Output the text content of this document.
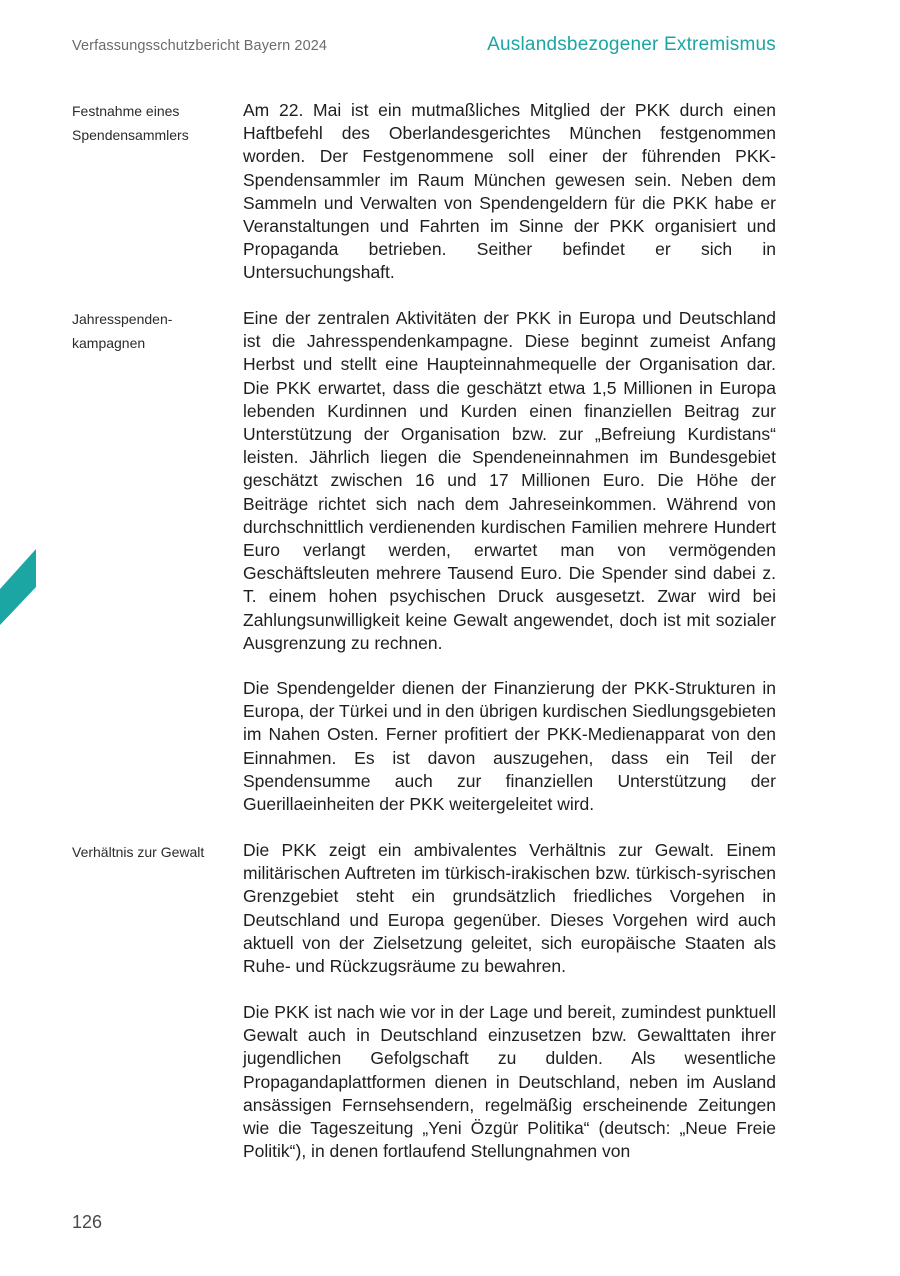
Verfassungsschutzbericht Bayern 2024	Auslandsbezogener Extremismus
Festnahme eines
Spendensammlers

Am 22. Mai ist ein mutmaßliches Mitglied der PKK durch einen Haftbefehl des Oberlandesgerichtes München festgenommen worden. Der Festgenommene soll einer der führenden PKK-Spendensammler im Raum München gewesen sein. Neben dem Sammeln und Verwalten von Spendengeldern für die PKK habe er Veranstaltungen und Fahrten im Sinne der PKK organisiert und Propaganda betrieben. Seither befindet er sich in Untersuchungshaft.

Jahresspenden-
kampagnen

Eine der zentralen Aktivitäten der PKK in Europa und Deutschland ist die Jahresspendenkampagne. Diese beginnt zumeist Anfang Herbst und stellt eine Haupteinnahmequelle der Organisation dar. Die PKK erwartet, dass die geschätzt etwa 1,5 Millionen in Europa lebenden Kurdinnen und Kurden einen finanziellen Beitrag zur Unterstützung der Organisation bzw. zur „Befreiung Kurdistans“ leisten. Jährlich liegen die Spendeneinnahmen im Bundesgebiet geschätzt zwischen 16 und 17 Millionen Euro. Die Höhe der Beiträge richtet sich nach dem Jahreseinkommen. Während von durchschnittlich verdienenden kurdischen Familien mehrere Hundert Euro verlangt werden, erwartet man von vermögenden Geschäftsleuten mehrere Tausend Euro. Die Spender sind dabei z. T. einem hohen psychischen Druck ausgesetzt. Zwar wird bei Zahlungsunwilligkeit keine Gewalt angewendet, doch ist mit sozialer Ausgrenzung zu rechnen.

Die Spendengelder dienen der Finanzierung der PKK-Strukturen in Europa, der Türkei und in den übrigen kurdischen Siedlungsgebieten im Nahen Osten. Ferner profitiert der PKK-Medienapparat von den Einnahmen. Es ist davon auszugehen, dass ein Teil der Spendensumme auch zur finanziellen Unterstützung der Guerillaeinheiten der PKK weitergeleitet wird.

Verhältnis zur Gewalt	Die PKK zeigt ein ambivalentes Verhältnis zur Gewalt. Einem militärischen Auftreten im türkisch-irakischen bzw. türkisch-syrischen Grenzgebiet steht ein grundsätzlich friedliches Vorgehen in Deutschland und Europa gegenüber. Dieses Vorgehen wird auch aktuell von der Zielsetzung geleitet, sich europäische Staaten als Ruhe- und Rückzugsräume zu bewahren.

Die PKK ist nach wie vor in der Lage und bereit, zumindest punktuell Gewalt auch in Deutschland einzusetzen bzw. Gewalttaten ihrer jugendlichen Gefolgschaft zu dulden. Als wesentliche Propagandaplattformen dienen in Deutschland, neben im Ausland ansässigen Fernsehsendern, regelmäßig erscheinende Zeitungen wie die Tageszeitung „Yeni Özgür Politika“ (deutsch: „Neue Freie Politik“), in denen fortlaufend Stellungnahmen von

126
